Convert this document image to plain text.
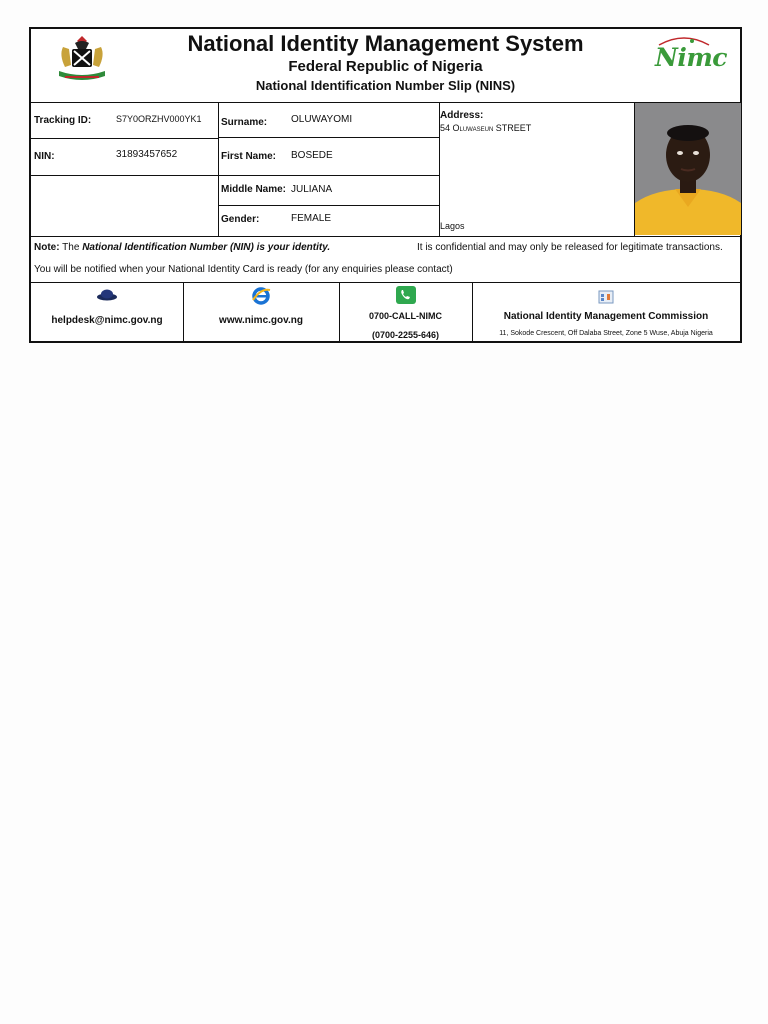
National Identity Management System
Federal Republic of Nigeria
National Identification Number Slip (NINS)
Nimc
Tracking ID:	S7Y0ORZHV000YK1
NIN:	31893457652
Surname: OLUWAYOMI
First Name: BOSEDE
Middle Name: JULIANA
Gender:	FEMALE
Address:
54 Oluwaseun STREET
Lagos
Note: The National Identification Number (NIN) is your identity.	It is confidential and may only be released for legitimate transactions.
You will be notified when your National Identity Card is ready (for any enquiries please contact)
helpdesk@nimc.gov.ng	www.nimc.gov.ng	0700-CALL-NIMC
(0700-2255-646)
National Identity Management Commission
11, Sokode Crescent, Off Dalaba Street, Zone 5 Wuse, Abuja Nigeria
